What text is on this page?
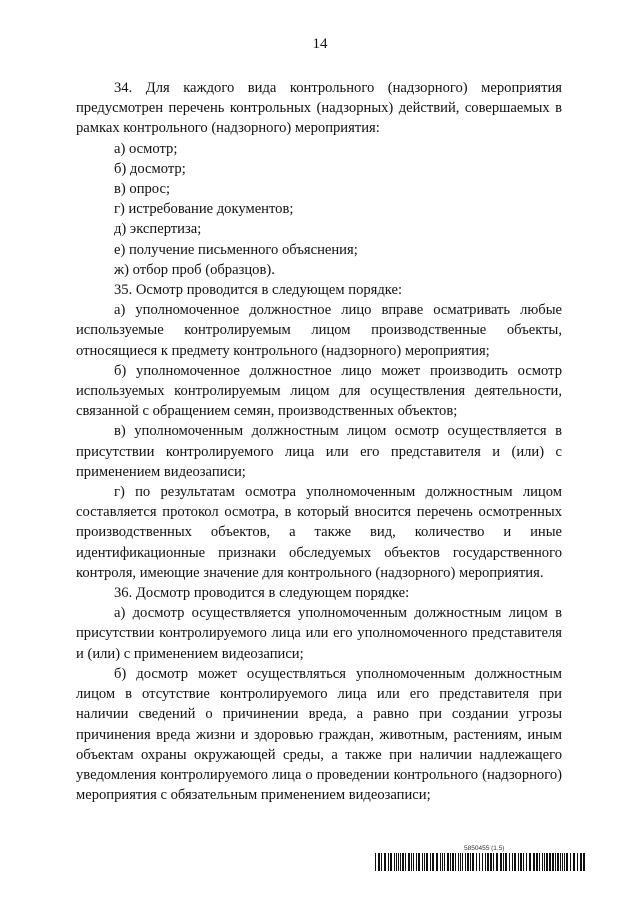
14

34. Для каждого вида контрольного (надзорного) мероприятия предусмотрен перечень контрольных (надзорных) действий, совершаемых в рамках контрольного (надзорного) мероприятия:

а) осмотр;

б) досмотр;

в) опрос;

г) истребование документов;

д) экспертиза;

е) получение письменного объяснения;

ж) отбор проб (образцов).

35. Осмотр проводится в следующем порядке:

а) уполномоченное должностное лицо вправе осматривать любые используемые контролируемым лицом производственные объекты, относящиеся к предмету контрольного (надзорного) мероприятия;

б) уполномоченное должностное лицо может производить осмотр используемых контролируемым лицом для осуществления деятельности, связанной с обращением семян, производственных объектов;

в) уполномоченным должностным лицом осмотр осуществляется в присутствии контролируемого лица или его представителя и (или) с применением видеозаписи;

г) по результатам осмотра уполномоченным должностным лицом составляется протокол осмотра, в который вносится перечень осмотренных производственных объектов, а также вид, количество и иные идентификационные признаки обследуемых объектов государственного контроля, имеющие значение для контрольного (надзорного) мероприятия.

36. Досмотр проводится в следующем порядке:

а) досмотр осуществляется уполномоченным должностным лицом в присутствии контролируемого лица или его уполномоченного представителя и (или) с применением видеозаписи;

б) досмотр может осуществляться уполномоченным должностным лицом в отсутствие контролируемого лица или его представителя при наличии сведений о причинении вреда, а равно при создании угрозы причинения вреда жизни и здоровью граждан, животным, растениям, иным объектам охраны окружающей среды, а также при наличии надлежащего уведомления контролируемого лица о проведении контрольного (надзорного) мероприятия с обязательным применением видеозаписи;

5850455 (1.5)
